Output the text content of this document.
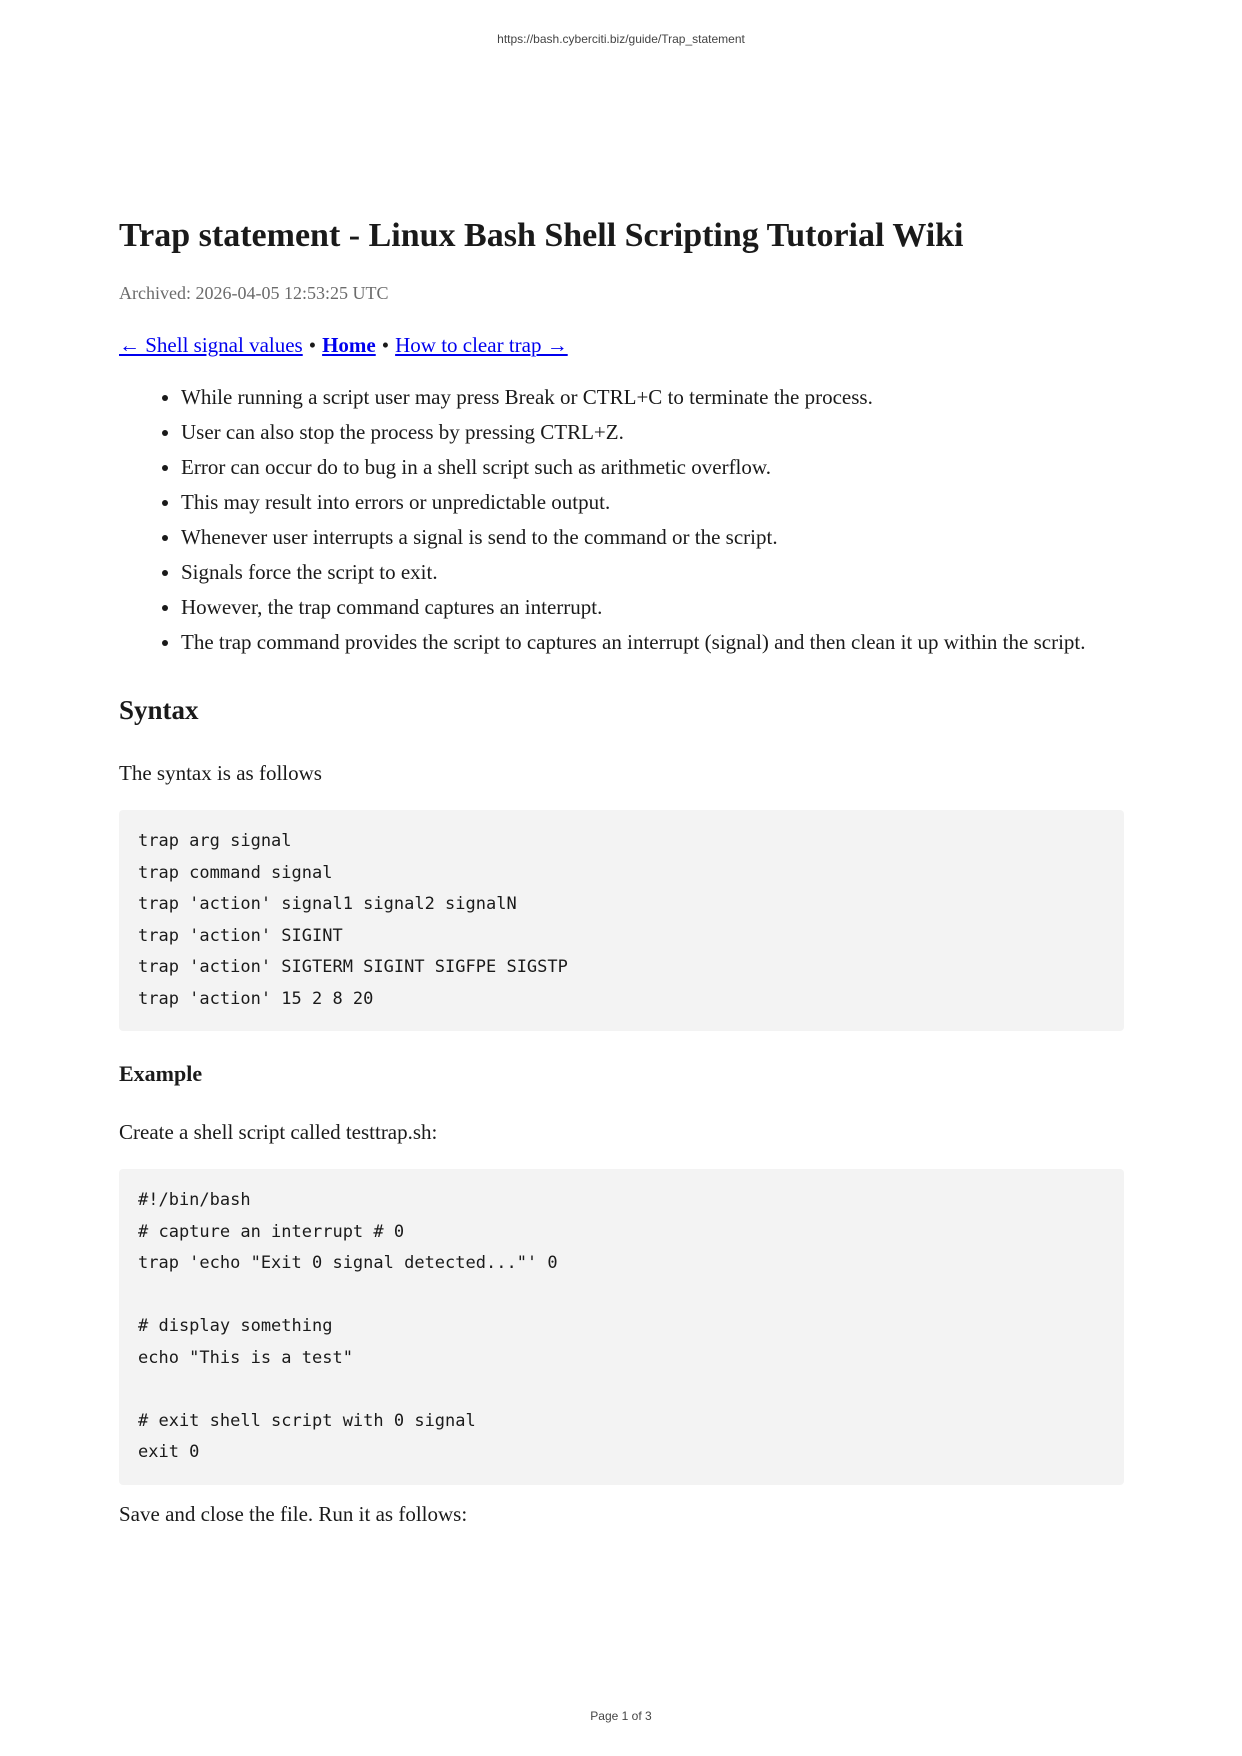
https://bash.cyberciti.biz/guide/Trap_statement
Trap statement - Linux Bash Shell Scripting Tutorial Wiki
Archived: 2026-04-05 12:53:25 UTC
← Shell signal values • Home • How to clear trap →
• While running a script user may press Break or CTRL+C to terminate the process.
• User can also stop the process by pressing CTRL+Z.
• Error can occur do to bug in a shell script such as arithmetic overflow.
• This may result into errors or unpredictable output.
• Whenever user interrupts a signal is send to the command or the script.
• Signals force the script to exit.
• However, the trap command captures an interrupt.
• The trap command provides the script to captures an interrupt (signal) and then clean it up within the script.
Syntax

The syntax is as follows

trap arg signal
trap command signal
trap 'action' signal1 signal2 signalN
trap 'action' SIGINT
trap 'action' SIGTERM SIGINT SIGFPE SIGSTP
trap 'action' 15 2 8 20
Example

Create a shell script called testtrap.sh:

#!/bin/bash
# capture an interrupt # 0
trap 'echo "Exit 0 signal detected..."' 0
# display something
echo "This is a test"
# exit shell script with 0 signal
exit 0

Save and close the file. Run it as follows:

Page 1 of 3
